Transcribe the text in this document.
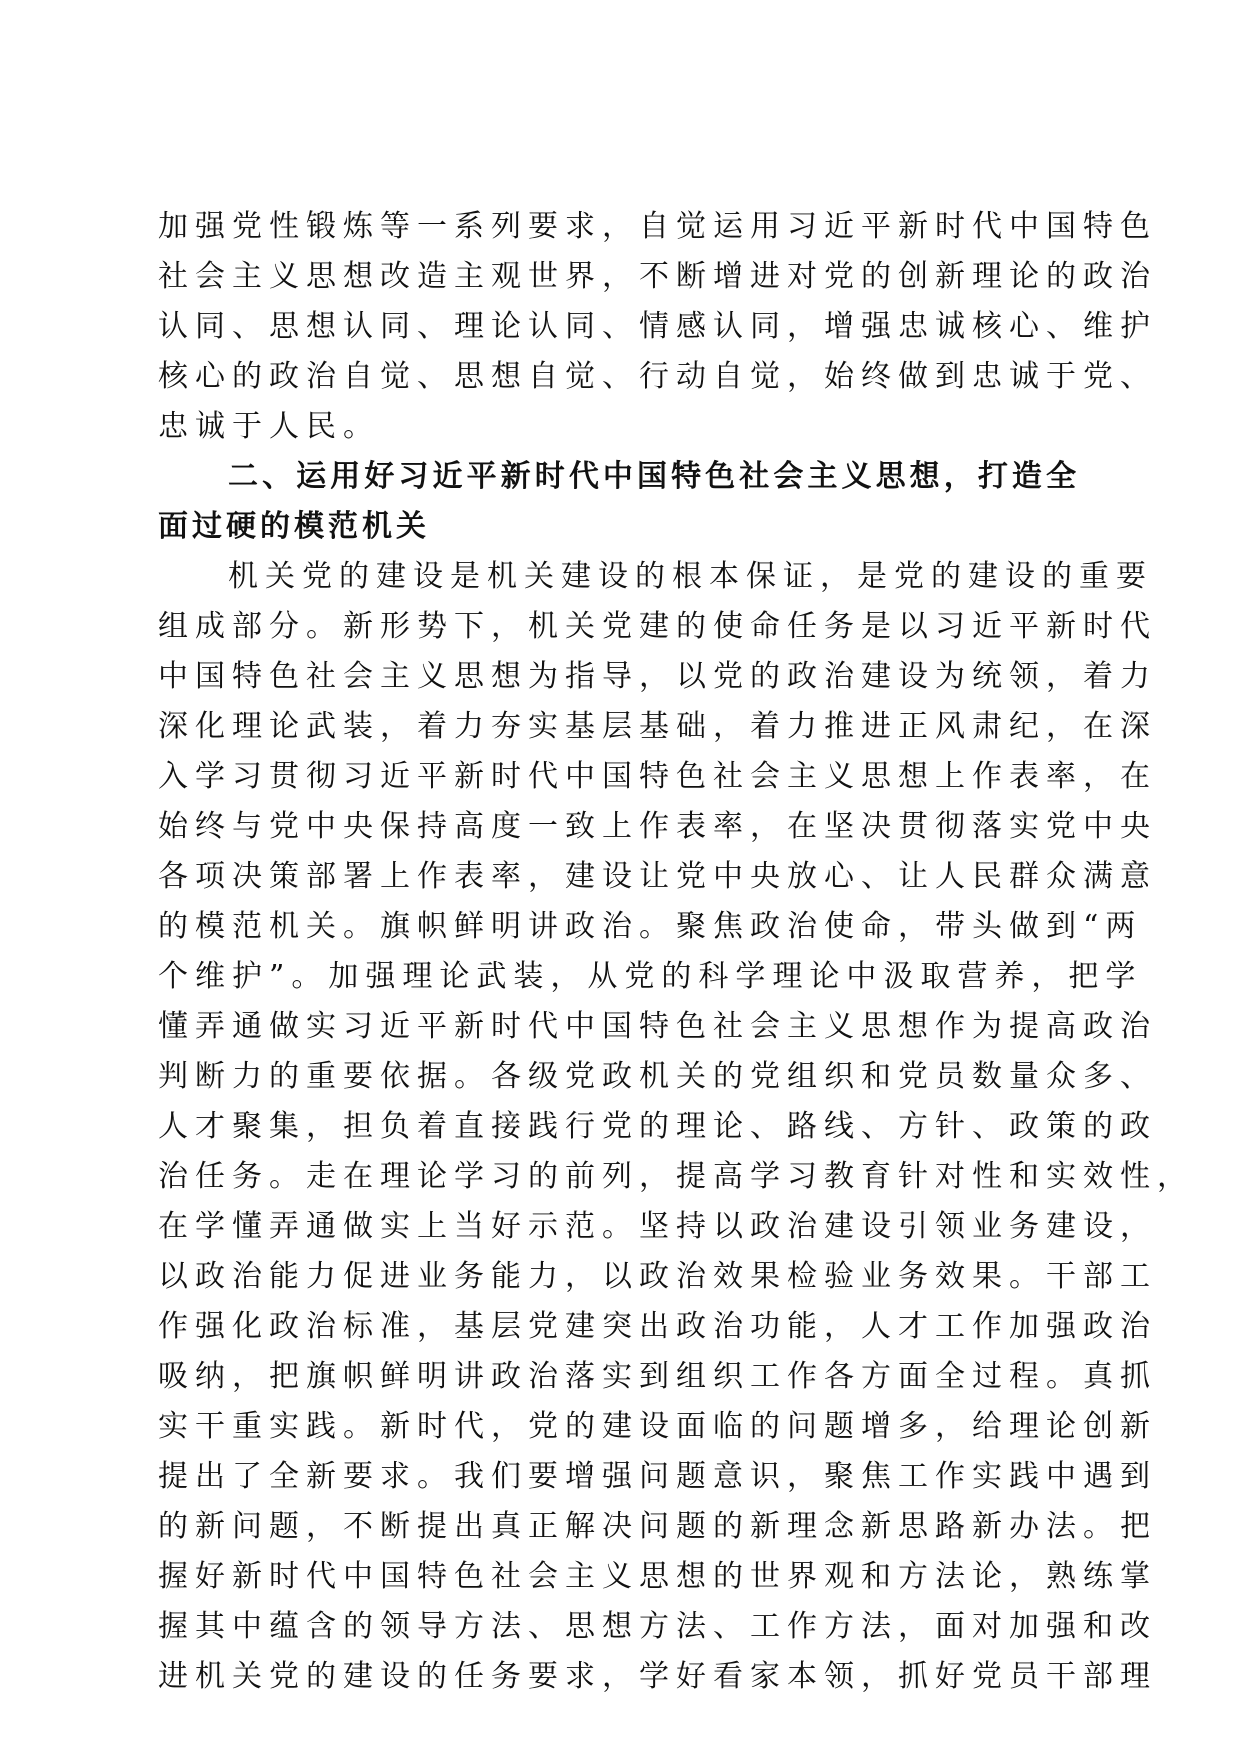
加强党性锻炼等一系列要求，自觉运用习近平新时代中国特色
社会主义思想改造主观世界，不断增进对党的创新理论的政治
认同、思想认同、理论认同、情感认同，增强忠诚核心、维护
核心的政治自觉、思想自觉、行动自觉，始终做到忠诚于党、
忠诚于人民。
二、运用好习近平新时代中国特色社会主义思想，打造全
面过硬的模范机关
机关党的建设是机关建设的根本保证，是党的建设的重要
组成部分。新形势下，机关党建的使命任务是以习近平新时代
中国特色社会主义思想为指导，以党的政治建设为统领，着力
深化理论武装，着力夯实基层基础，着力推进正风肃纪，在深
入学习贯彻习近平新时代中国特色社会主义思想上作表率，在
始终与党中央保持高度一致上作表率，在坚决贯彻落实党中央
各项决策部署上作表率，建设让党中央放心、让人民群众满意
的模范机关。旗帜鲜明讲政治。聚焦政治使命，带头做到“两
个维护”。加强理论武装，从党的科学理论中汲取营养，把学
懂弄通做实习近平新时代中国特色社会主义思想作为提高政治
判断力的重要依据。各级党政机关的党组织和党员数量众多、
人才聚集，担负着直接践行党的理论、路线、方针、政策的政
治任务。走在理论学习的前列，提高学习教育针对性和实效性，
在学懂弄通做实上当好示范。坚持以政治建设引领业务建设，
以政治能力促进业务能力，以政治效果检验业务效果。干部工
作强化政治标准，基层党建突出政治功能，人才工作加强政治
吸纳，把旗帜鲜明讲政治落实到组织工作各方面全过程。真抓
实干重实践。新时代，党的建设面临的问题增多，给理论创新
提出了全新要求。我们要增强问题意识，聚焦工作实践中遇到
的新问题，不断提出真正解决问题的新理念新思路新办法。把
握好新时代中国特色社会主义思想的世界观和方法论，熟练掌
握其中蕴含的领导方法、思想方法、工作方法，面对加强和改
进机关党的建设的任务要求，学好看家本领，抓好党员干部理
